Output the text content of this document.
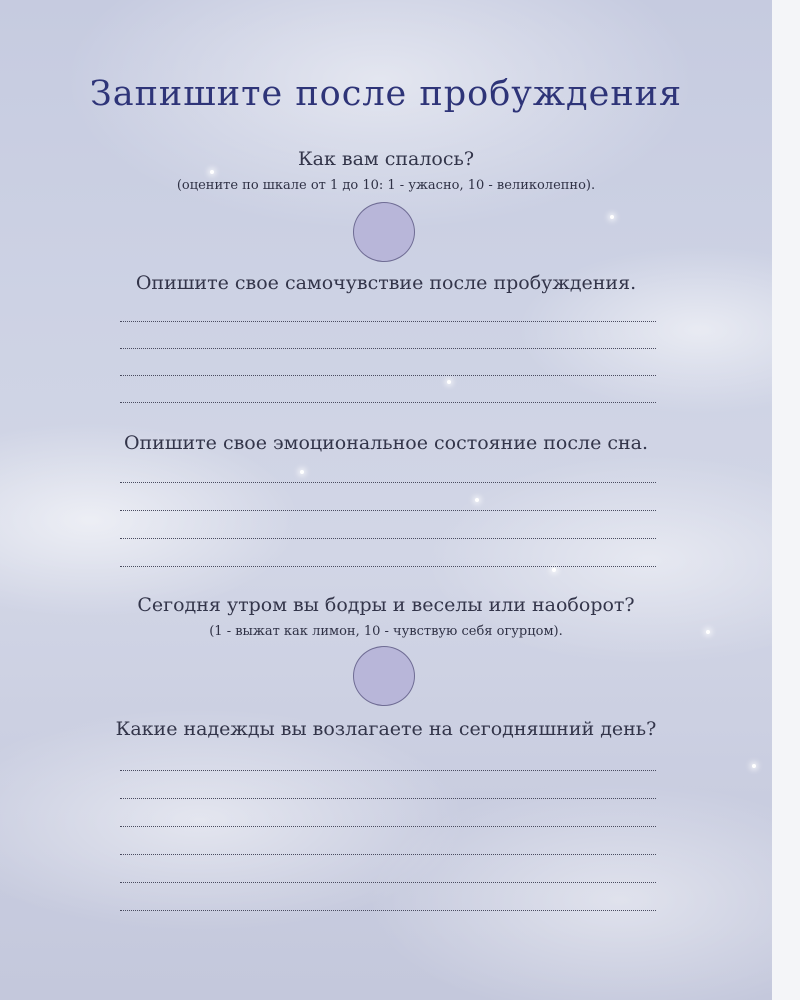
Запишите после пробуждения
Как вам спалось?
(оцените по шкале от 1 до 10: 1 - ужасно, 10 - великолепно).
Опишите свое самочувствие после пробуждения.
Опишите свое эмоциональное состояние после сна.
Сегодня утром вы бодры и веселы или наоборот?
(1 - выжат как лимон, 10 - чувствую себя огурцом).
Какие надежды вы возлагаете на сегодняшний день?
